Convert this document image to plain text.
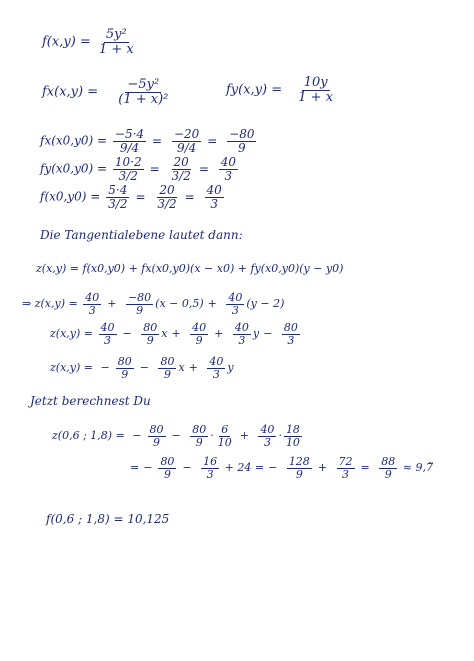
$f(x,y) = \frac{\text{5y²}}{1 + x}$
$fx(x,y) = \frac{\text{−5y²}}{\text{(1 + x)²}}$	$fy(x,y) = \frac{10y}{1 + x}$
$fx(x0,y0) = \frac{-5\cdot 4}{9/4} = \frac{-20}{9/4} = \frac{-80}{9}$
$fy(x0,y0) = \frac{10\cdot 2}{3/2} = \frac{20}{3/2} = \frac{40}{3}$
$f(x0,y0) = \frac{5\cdot 4}{3/2} = \frac{20}{3/2} = \frac{40}{3}$
Die Tangentialebene lautet dann:
z(x,y) = f(x0,y0) + fx(x0,y0)(x − x0) + fy(x0,y0)(y − y0)
⇒ $z(x,y) = \frac{40}{3} + \frac{-80}{9} (x - 0,5) + \frac{40}{3} (y - 2)$
$z(x,y) = \frac{40}{3} - \frac{80}{9}$ $x + \frac{40}{9} + \frac{40}{3}$ $y - \frac{80}{3}$
z(x,y) = − $\frac{80}{9} - \frac{80}{9}$ $x + \frac{40}{3}$ y
Jetzt berechnest Du
z(0,6 ; 1,8) = − $\frac{80}{9} - \frac{80}{9} \cdot \frac{6}{10} + \frac{40}{3} \cdot \frac{18}{10}$
= − $\frac{80}{9} - \frac{16}{3} + 24$ = − $\frac{128}{9} + \frac{72}{3} = \frac{88}{9}$ ≈ 9,7̃
f(0,6 ; 1,8) = 10,125
